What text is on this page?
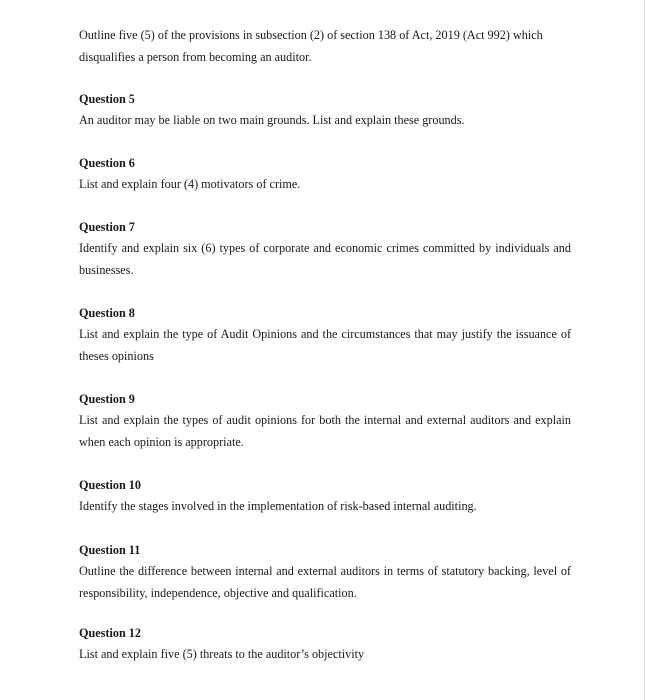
Outline five (5) of the provisions in subsection (2) of section 138 of Act, 2019 (Act 992) which disqualifies a person from becoming an auditor.

Question 5

An auditor may be liable on two main grounds. List and explain these grounds.

Question 6

List and explain four (4) motivators of crime.

Question 7

Identify and explain six (6) types of corporate and economic crimes committed by individuals and businesses.

Question 8

List and explain the type of Audit Opinions and the circumstances that may justify the issuance of theses opinions

Question 9

List and explain the types of audit opinions for both the internal and external auditors and explain when each opinion is appropriate.

Question 10

Identify the stages involved in the implementation of risk-based internal auditing.

Question 11

Outline the difference between internal and external auditors in terms of statutory backing, level of responsibility, independence, objective and qualification.

Question 12

List and explain five (5) threats to the auditor’s objectivity
